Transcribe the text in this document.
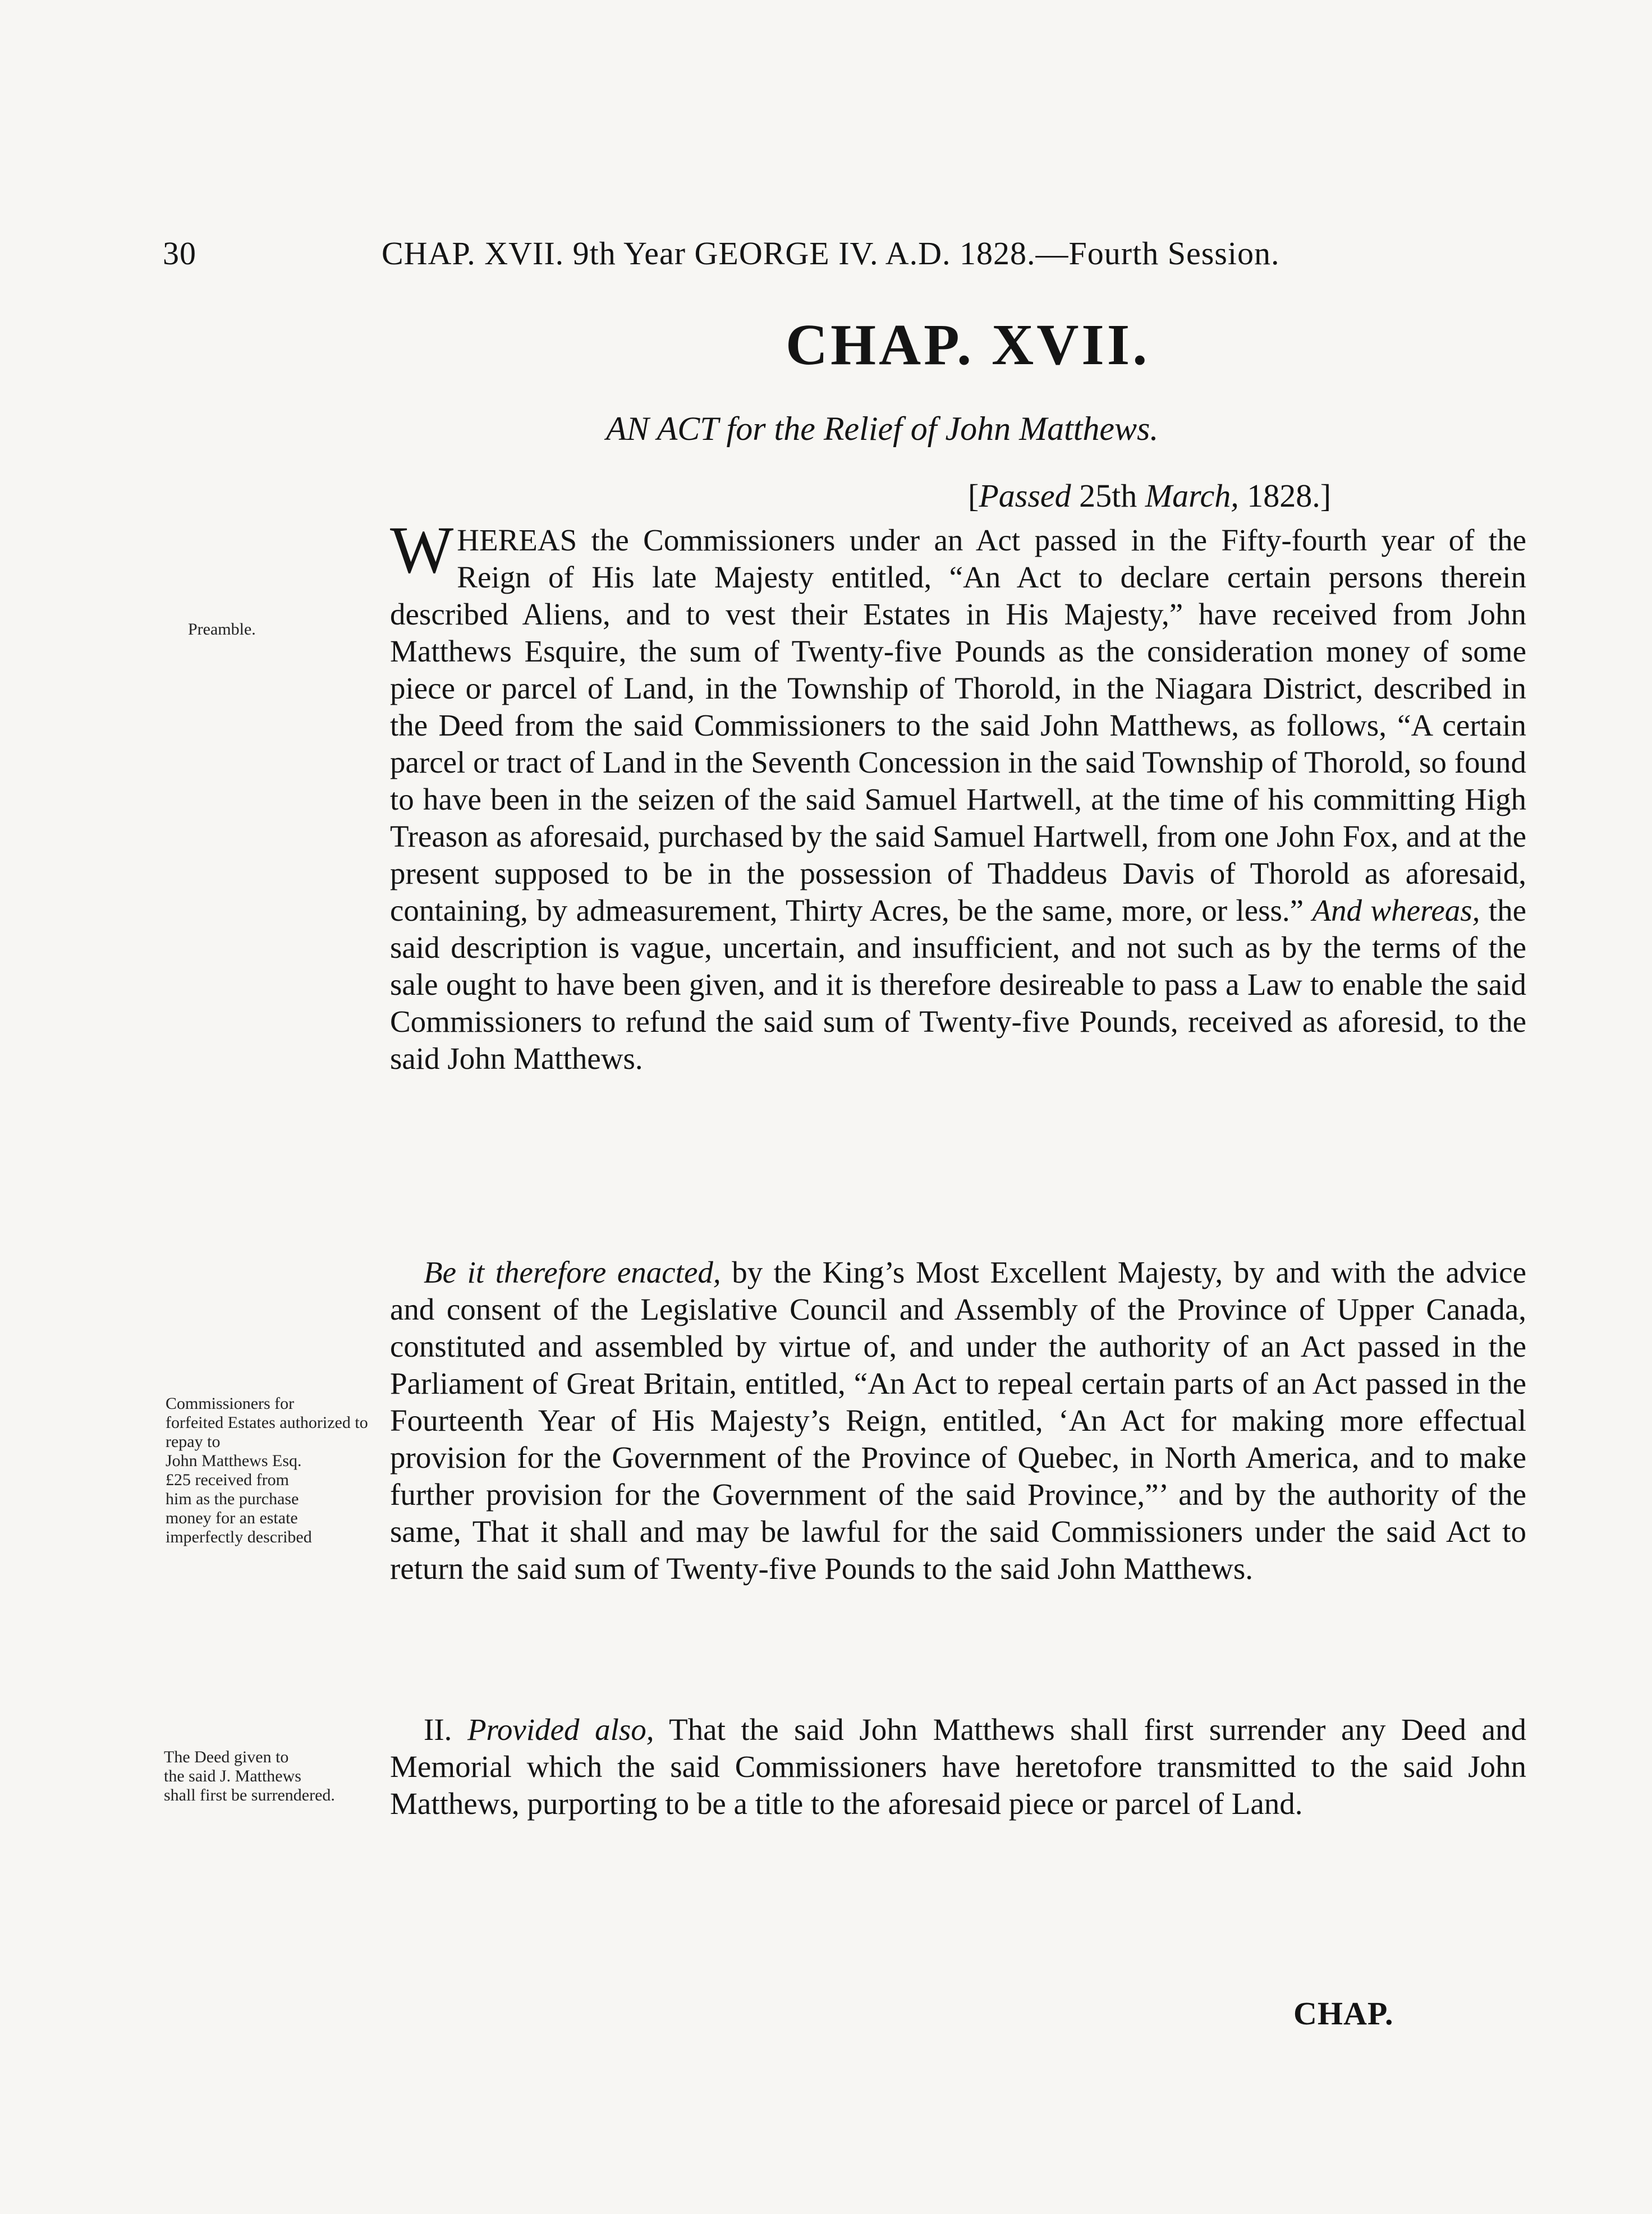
30	CHAP. XVII. 9th Year GEORGE IV. A.D. 1828.—Fourth Session.
CHAP. XVII.
AN ACT for the Relief of John Matthews.
[Passed 25th March, 1828.]
Preamble.

WHEREAS the Commissioners under an Act passed in the Fifty-fourth year of the Reign of His late Majesty entitled, “An Act to declare certain persons therein described Aliens, and to vest their Estates in His Majesty,” have received from John Matthews Esquire, the sum of Twenty-five Pounds as the consideration money of some piece or parcel of Land, in the Township of Thorold, in the Niagara District, described in the Deed from the said Commissioners to the said John Matthews, as follows, “A certain parcel or tract of Land in the Seventh Concession in the said Township of Thorold, so found to have been in the seizen of the said Samuel Hartwell, at the time of his committing High Treason as aforesaid, purchased by the said Samuel Hartwell, from one John Fox, and at the present supposed to be in the possession of Thaddeus Davis of Thorold as aforesaid, containing, by admeasurement, Thirty Acres, be the same, more, or less.” And whereas, the said description is vague, uncertain, and insufficient, and not such as by the terms of the sale ought to have been given, and it is therefore desireable to pass a Law to enable the said Commissioners to refund the said sum of Twenty-five Pounds, received as aforesid, to the said John Matthews.

Commissioners for
forfeited Estates authorized to repay to
John Matthews Esq.
£25 received from
him as the purchase
money for an estate
imperfectly described

Be it therefore enacted, by the King’s Most Excellent Majesty, by and with the advice and consent of the Legislative Council and Assembly of the Province of Upper Canada, constituted and assembled by virtue of, and under the authority of an Act passed in the Parliament of Great Britain, entitled, “An Act to repeal certain parts of an Act passed in the Fourteenth Year of His Majesty’s Reign, entitled, ‘An Act for making more effectual provision for the Government of the Province of Quebec, in North America, and to make further provision for the Government of the said Province,”’ and by the authority of the same, That it shall and may be lawful for the said Commissioners under the said Act to return the said sum of Twenty-five Pounds to the said John Matthews.

The Deed given to
the said J. Matthews
shall first be surrendered.

II. Provided also, That the said John Matthews shall first surrender any Deed and Memorial which the said Commissioners have heretofore transmitted to the said John Matthews, purporting to be a title to the aforesaid piece or parcel of Land.

CHAP.
